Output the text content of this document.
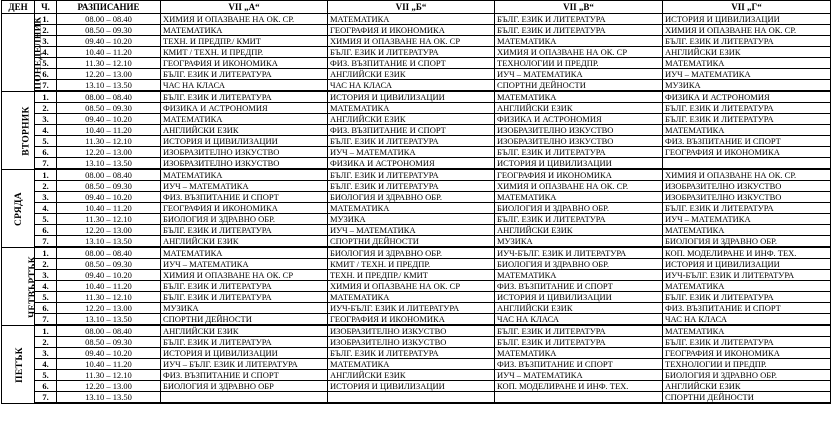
ДЕН	Ч.	РАЗПИСАНИЕ	VII „А“	VII „Б“	VII „В“	VII „Г“
ПОНЕДЕЛНИК	1.	08.00 – 08.40	ХИМИЯ И ОПАЗВАНЕ НА ОК. СР.	МАТЕМАТИКА	БЪЛГ. ЕЗИК И ЛИТЕРАТУРА	ИСТОРИЯ И ЦИВИЛИЗАЦИИ
	2.	08.50 – 09.30	МАТЕМАТИКА	ГЕОГРАФИЯ И ИКОНОМИКА	БЪЛГ. ЕЗИК И ЛИТЕРАТУРА	ХИМИЯ И ОПАЗВАНЕ НА ОК. СР.
	3.	09.40 – 10.20	ТЕХН. И ПРЕДПР./ КМИТ	ХИМИЯ И ОПАЗВАНЕ НА ОК. СР	МАТЕМАТИКА	БЪЛГ. ЕЗИК И ЛИТЕРАТУРА
	4.	10.40 – 11.20	КМИТ / ТЕХН. И ПРЕДПР.	БЪЛГ. ЕЗИК И ЛИТЕРАТУРА	ХИМИЯ И ОПАЗВАНЕ НА ОК. СР	АНГЛИЙСКИ ЕЗИК
	5.	11.30 – 12.10	ГЕОГРАФИЯ И ИКОНОМИКА	ФИЗ. ВЪЗПИТАНИЕ И СПОРТ	ТЕХНОЛОГИИ И ПРЕДПР.	МАТЕМАТИКА
	6.	12.20 – 13.00	БЪЛГ. ЕЗИК И ЛИТЕРАТУРА	АНГЛИЙСКИ ЕЗИК	ИУЧ – МАТЕМАТИКА	ИУЧ – МАТЕМАТИКА
	7.	13.10 – 13.50	ЧАС НА КЛАСА	ЧАС НА КЛАСА	СПОРТНИ ДЕЙНОСТИ	МУЗИКА
ВТОРНИК	1.	08.00 – 08.40	БЪЛГ. ЕЗИК И ЛИТЕРАТУРА	ИСТОРИЯ И ЦИВИЛИЗАЦИИ	МАТЕМАТИКА	ФИЗИКА И АСТРОНОМИЯ
	2.	08.50 – 09.30	ФИЗИКА И АСТРОНОМИЯ	МАТЕМАТИКА	АНГЛИЙСКИ ЕЗИК	БЪЛГ. ЕЗИК И ЛИТЕРАТУРА
	3.	09.40 – 10.20	МАТЕМАТИКА	АНГЛИЙСКИ ЕЗИК	ФИЗИКА И АСТРОНОМИЯ	БЪЛГ. ЕЗИК И ЛИТЕРАТУРА
	4.	10.40 – 11.20	АНГЛИЙСКИ ЕЗИК	ФИЗ. ВЪЗПИТАНИЕ И СПОРТ	ИЗОБРАЗИТЕЛНО ИЗКУСТВО	МАТЕМАТИКА
	5.	11.30 – 12.10	ИСТОРИЯ И ЦИВИЛИЗАЦИИ	БЪЛГ. ЕЗИК И ЛИТЕРАТУРА	ИЗОБРАЗИТЕЛНО ИЗКУСТВО	ФИЗ. ВЪЗПИТАНИЕ И СПОРТ
	6.	12.20 – 13.00	ИЗОБРАЗИТЕЛНО ИЗКУСТВО	ИУЧ – МАТЕМАТИКА	БЪЛГ. ЕЗИК И ЛИТЕРАТУРА	ГЕОГРАФИЯ И ИКОНОМИКА
	7.	13.10 – 13.50	ИЗОБРАЗИТЕЛНО ИЗКУСТВО	ФИЗИКА И АСТРОНОМИЯ	ИСТОРИЯ И ЦИВИЛИЗАЦИИ	
СРЯДА	1.	08.00 – 08.40	МАТЕМАТИКА	БЪЛГ. ЕЗИК И ЛИТЕРАТУРА	ГЕОГРАФИЯ И ИКОНОМИКА	ХИМИЯ И ОПАЗВАНЕ НА ОК. СР.
	2.	08.50 – 09.30	ИУЧ – МАТЕМАТИКА	БЪЛГ. ЕЗИК И ЛИТЕРАТУРА	ХИМИЯ И ОПАЗВАНЕ НА ОК. СР.	ИЗОБРАЗИТЕЛНО ИЗКУСТВО
	3.	09.40 – 10.20	ФИЗ. ВЪЗПИТАНИЕ И СПОРТ	БИОЛОГИЯ И ЗДРАВНО ОБР.	МАТЕМАТИКА	ИЗОБРАЗИТЕЛНО ИЗКУСТВО
	4.	10.40 – 11.20	ГЕОГРАФИЯ И ИКОНОМИКА	МАТЕМАТИКА	БИОЛОГИЯ И ЗДРАВНО ОБР.	БЪЛГ. ЕЗИК И ЛИТЕРАТУРА
	5.	11.30 – 12.10	БИОЛОГИЯ И ЗДРАВНО ОБР.	МУЗИКА	БЪЛГ. ЕЗИК И ЛИТЕРАТУРА	ИУЧ – МАТЕМАТИКА
	6.	12.20 – 13.00	БЪЛГ. ЕЗИК И ЛИТЕРАТУРА	ИУЧ – МАТЕМАТИКА	АНГЛИЙСКИ ЕЗИК	МАТЕМАТИКА
	7.	13.10 – 13.50	АНГЛИЙСКИ ЕЗИК	СПОРТНИ ДЕЙНОСТИ	МУЗИКА	БИОЛОГИЯ И ЗДРАВНО ОБР.
ЧЕТВЪРТЪК	1.	08.00 – 08.40	МАТЕМАТИКА	БИОЛОГИЯ И ЗДРАВНО ОБР.	ИУЧ-БЪЛГ. ЕЗИК И ЛИТЕРАТУРА	КОП. МОДЕЛИРАНЕ И ИНФ. ТЕХ.
	2.	08.50 – 09.30	ИУЧ – МАТЕМАТИКА	КМИТ / ТЕХН. И ПРЕДПР.	БИОЛОГИЯ И ЗДРАВНО ОБР.	ИСТОРИЯ И ЦИВИЛИЗАЦИИ
	3.	09.40 – 10.20	ХИМИЯ И ОПАЗВАНЕ НА ОК. СР	ТЕХН. И ПРЕДПР./ КМИТ	МАТЕМАТИКА	ИУЧ-БЪЛГ. ЕЗИК И ЛИТЕРАТУРА
	4.	10.40 – 11.20	БЪЛГ. ЕЗИК И ЛИТЕРАТУРА	ХИМИЯ И ОПАЗВАНЕ НА ОК. СР	ФИЗ. ВЪЗПИТАНИЕ И СПОРТ	МАТЕМАТИКА
	5.	11.30 – 12.10	БЪЛГ. ЕЗИК И ЛИТЕРАТУРА	МАТЕМАТИКА	ИСТОРИЯ И ЦИВИЛИЗАЦИИ	БЪЛГ. ЕЗИК И ЛИТЕРАТУРА
	6.	12.20 – 13.00	МУЗИКА	ИУЧ-БЪЛГ. ЕЗИК И ЛИТЕРАТУРА	АНГЛИЙСКИ ЕЗИК	ФИЗ. ВЪЗПИТАНИЕ И СПОРТ
	7.	13.10 – 13.50	СПОРТНИ ДЕЙНОСТИ	ГЕОГРАФИЯ И ИКОНОМИКА	ЧАС НА КЛАСА	ЧАС НА КЛАСА
ПЕТЪК	1.	08.00 – 08.40	АНГЛИЙСКИ ЕЗИК	ИЗОБРАЗИТЕЛНО ИЗКУСТВО	БЪЛГ. ЕЗИК И ЛИТЕРАТУРА	МАТЕМАТИКА
	2.	08.50 – 09.30	БЪЛГ. ЕЗИК И ЛИТЕРАТУРА	ИЗОБРАЗИТЕЛНО ИЗКУСТВО	БЪЛГ. ЕЗИК И ЛИТЕРАТУРА	БЪЛГ. ЕЗИК И ЛИТЕРАТУРА
	3.	09.40 – 10.20	ИСТОРИЯ И ЦИВИЛИЗАЦИИ	БЪЛГ. ЕЗИК И ЛИТЕРАТУРА	МАТЕМАТИКА	ГЕОГРАФИЯ И ИКОНОМИКА
	4.	10.40 – 11.20	ИУЧ – БЪЛГ. ЕЗИК И ЛИТЕРАТУРА	МАТЕМАТИКА	ФИЗ. ВЪЗПИТАНИЕ И СПОРТ	ТЕХНОЛОГИИ И ПРЕДПР.
	5.	11.30 – 12.10	ФИЗ. ВЪЗПИТАНИЕ И СПОРТ	АНГЛИЙСКИ ЕЗИК	ИУЧ – МАТЕМАТИКА	БИОЛОГИЯ И ЗДРАВНО ОБР.
	6.	12.20 – 13.00	БИОЛОГИЯ И ЗДРАВНО ОБР	ИСТОРИЯ И ЦИВИЛИЗАЦИИ	КОП. МОДЕЛИРАНЕ И ИНФ. ТЕХ.	АНГЛИЙСКИ ЕЗИК
	7.	13.10 – 13.50				СПОРТНИ ДЕЙНОСТИ
